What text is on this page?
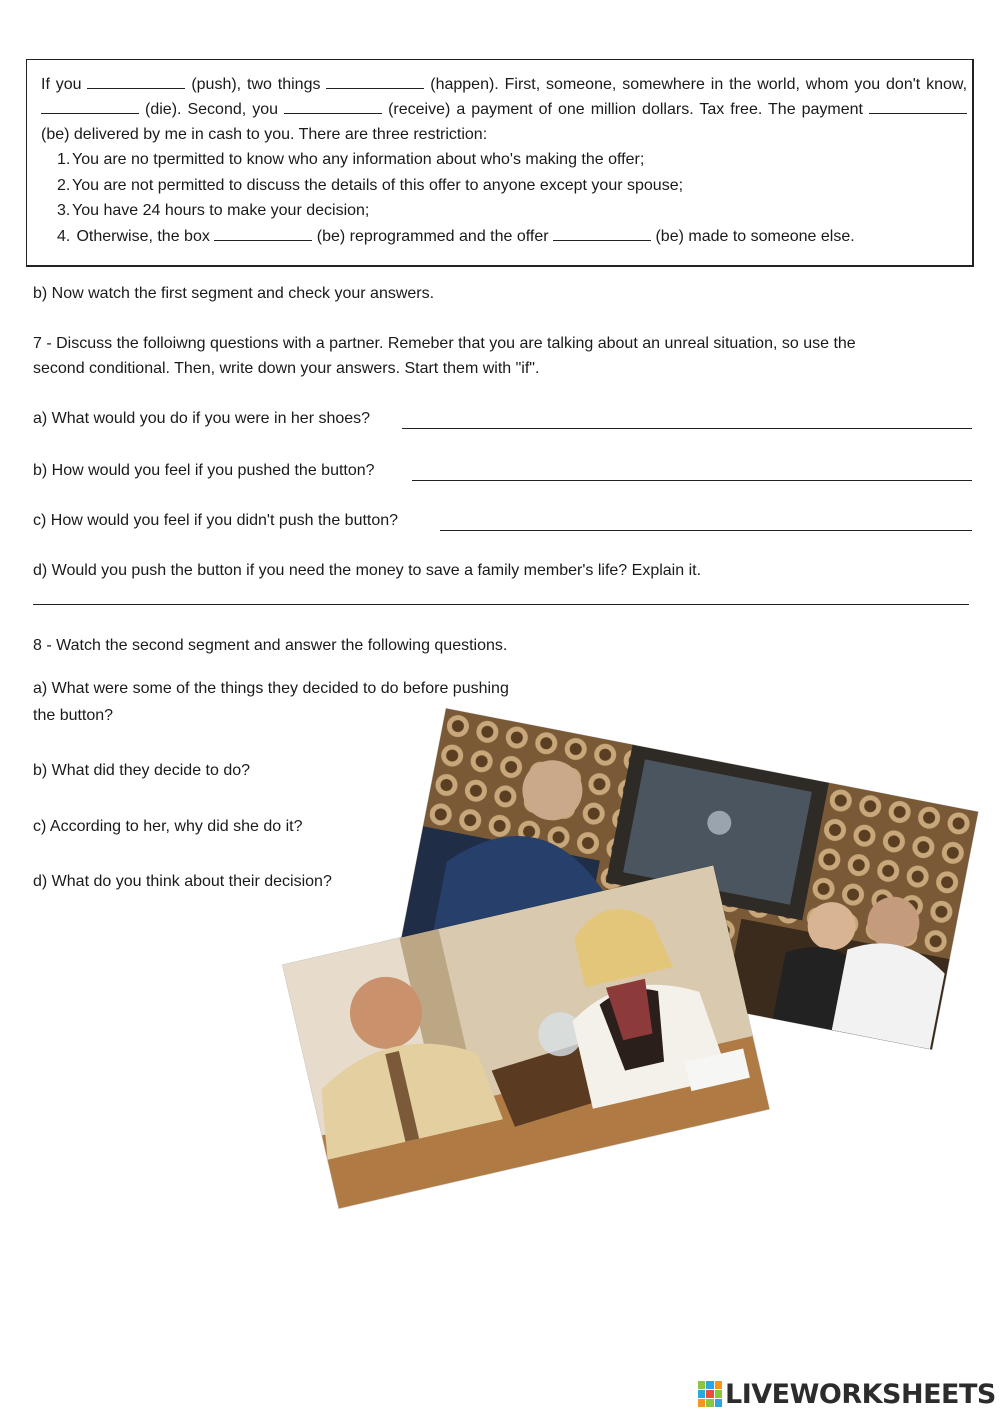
If you	(push), two things	(happen). First, someone, somewhere in the world, whom you don't know,  (die). Second, you	(receive) a payment of one million dollars. Tax free. The payment  (be) delivered by me in cash to you. There are three restriction:

1. You are no tpermitted to know who any information about who's making the offer;
2. You are not permitted to discuss the details of this offer to anyone except your spouse;
3. You have 24 hours to make your decision;
4. Otherwise, the box	(be) reprogrammed and the offer	(be) made to someone else.

b) Now watch the first segment and check your answers.

7 - Discuss the folloiwng questions with a partner. Remeber that you are talking about an unreal situation, so use the

second conditional. Then, write down your answers. Start them with "if".

a) What would you do if you were in her shoes?

b) How would you feel if you pushed the button?

c) How would you feel if you didn't push the button?

d) Would you push the button if you need the money to save a family member's life? Explain it.

8 - Watch the second segment and answer the following questions.

a) What were some of the things they decided to do before pushing

the button?

b) What did they decide to do?

c) According to her, why did she do it?

d) What do you think about their decision?

LIVEWORKSHEETS
